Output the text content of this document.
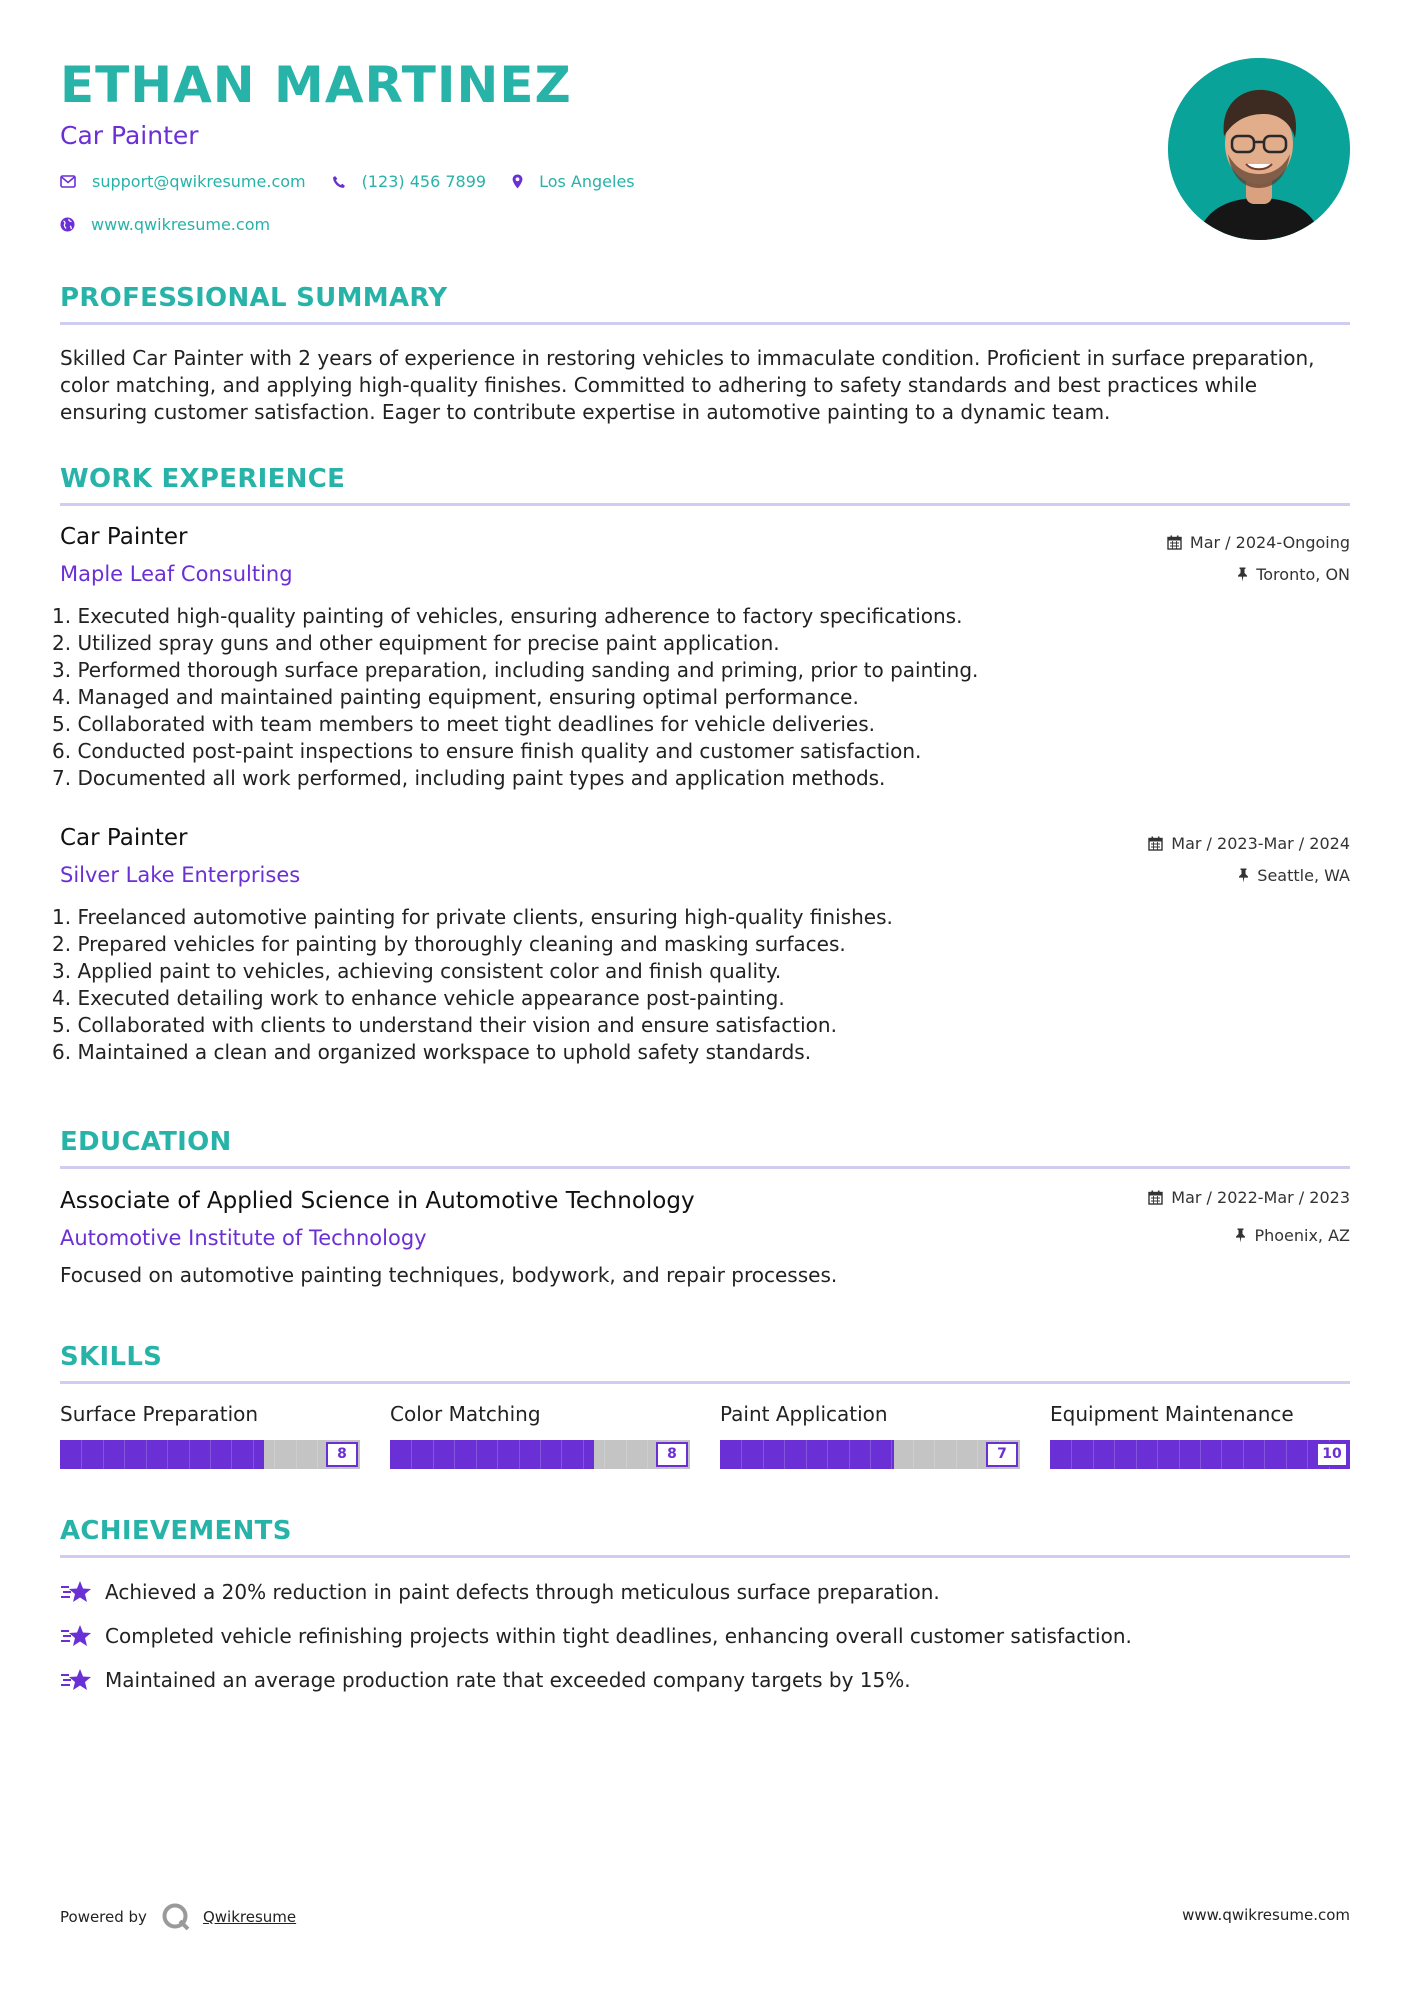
ETHAN MARTINEZ
Car Painter
support@qwikresume.com	(123) 456 7899	Los Angeles
www.qwikresume.com
PROFESSIONAL SUMMARY
Skilled Car Painter with 2 years of experience in restoring vehicles to immaculate condition. Proficient in surface preparation, color matching, and applying high-quality finishes. Committed to adhering to safety standards and best practices while ensuring customer satisfaction. Eager to contribute expertise in automotive painting to a dynamic team.
WORK EXPERIENCE
Car Painter
Maple Leaf Consulting
Mar / 2024-Ongoing
Toronto, ON
1. Executed high-quality painting of vehicles, ensuring adherence to factory specifications.
2. Utilized spray guns and other equipment for precise paint application.
3. Performed thorough surface preparation, including sanding and priming, prior to painting.
4. Managed and maintained painting equipment, ensuring optimal performance.
5. Collaborated with team members to meet tight deadlines for vehicle deliveries.
6. Conducted post-paint inspections to ensure finish quality and customer satisfaction.
7. Documented all work performed, including paint types and application methods.
Car Painter
Silver Lake Enterprises
Mar / 2023-Mar / 2024
Seattle, WA
1. Freelanced automotive painting for private clients, ensuring high-quality finishes.
2. Prepared vehicles for painting by thoroughly cleaning and masking surfaces.
3. Applied paint to vehicles, achieving consistent color and finish quality.
4. Executed detailing work to enhance vehicle appearance post-painting.
5. Collaborated with clients to understand their vision and ensure satisfaction.
6. Maintained a clean and organized workspace to uphold safety standards.
EDUCATION
Associate of Applied Science in Automotive Technology
Automotive Institute of Technology
Mar / 2022-Mar / 2023
Phoenix, AZ
Focused on automotive painting techniques, bodywork, and repair processes.
SKILLS
Surface Preparation
8
Color Matching
8
Paint Application
7
Equipment Maintenance
10
ACHIEVEMENTS
Achieved a 20% reduction in paint defects through meticulous surface preparation.
Completed vehicle refinishing projects within tight deadlines, enhancing overall customer satisfaction.
Maintained an average production rate that exceeded company targets by 15%.
Powered by	Qwikresume	www.qwikresume.com
